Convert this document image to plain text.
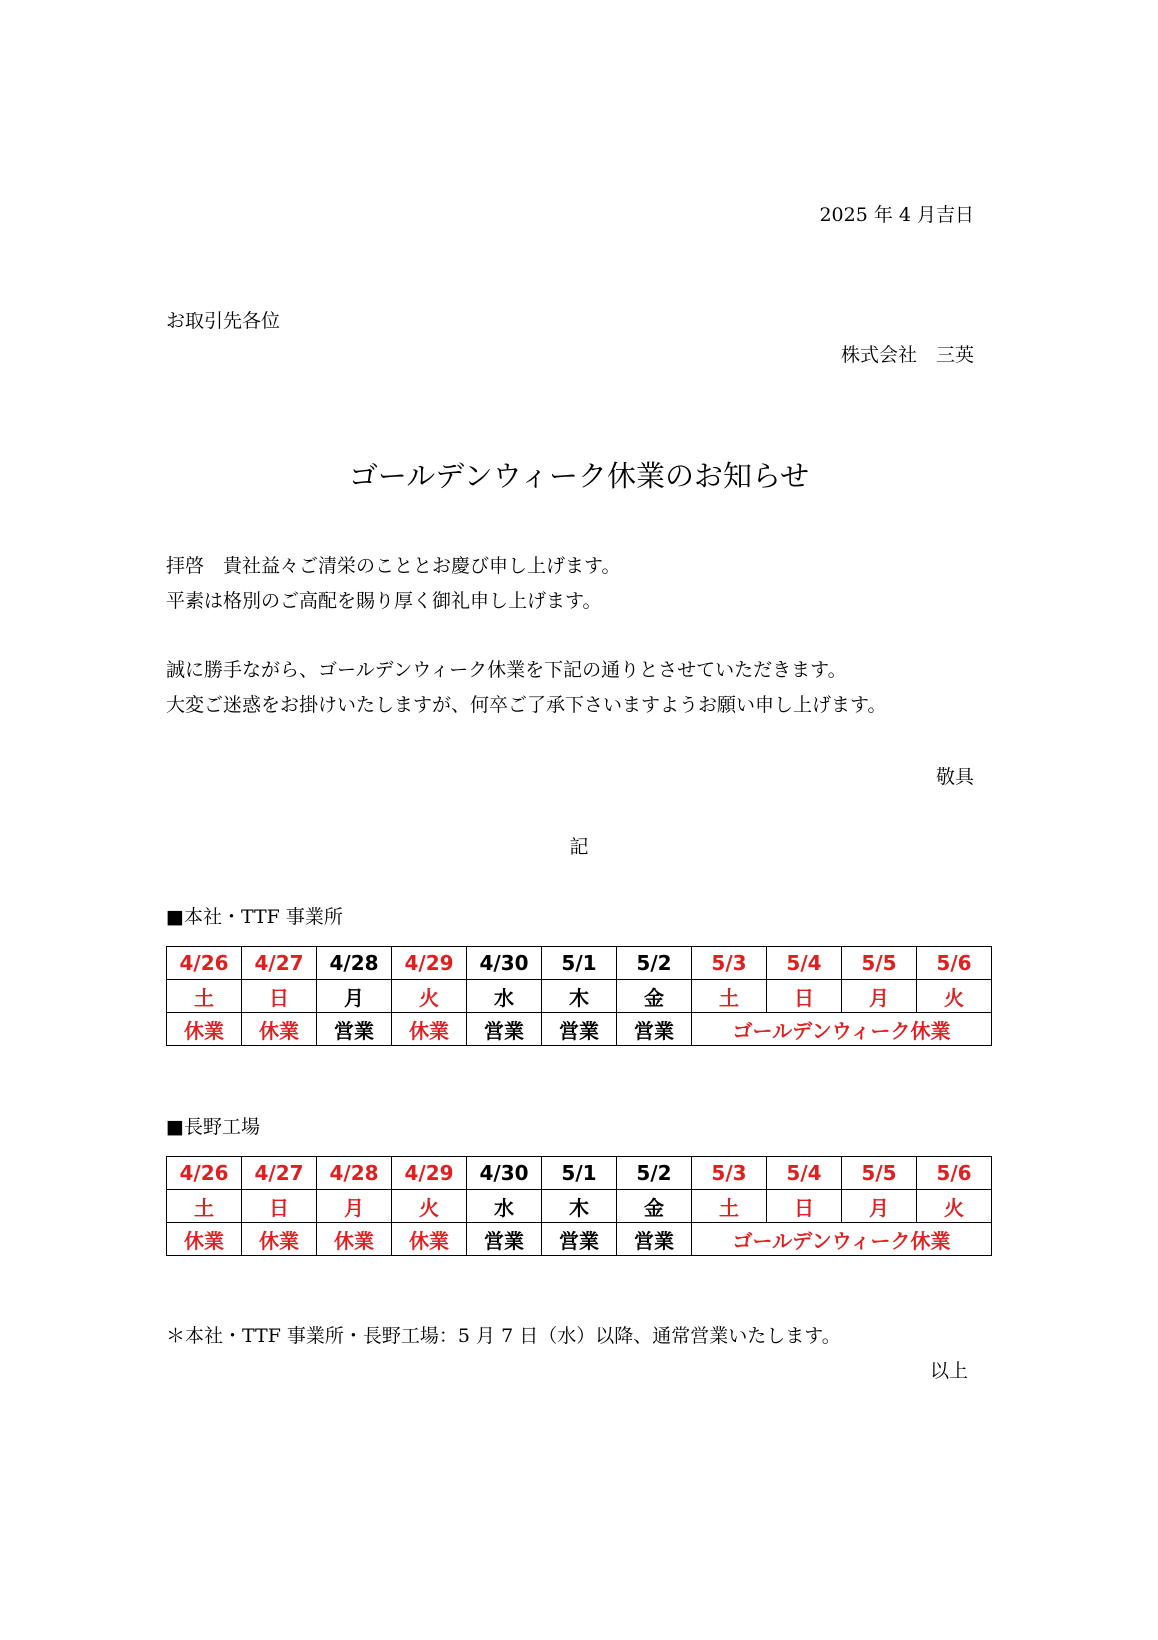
2025 年 4 月吉日
お取引先各位
株式会社　三英
ゴールデンウィーク休業のお知らせ
拝啓　貴社益々ご清栄のこととお慶び申し上げます。
平素は格別のご高配を賜り厚く御礼申し上げます。
誠に勝手ながら、ゴールデンウィーク休業を下記の通りとさせていただきます。
大変ご迷惑をお掛けいたしますが、何卒ご了承下さいますようお願い申し上げます。
敬具
記
■本社・TTF 事業所
4/26	4/27	4/28	4/29	4/30	5/1	5/2	5/3	5/4	5/5	5/6
土	日	月	火	水	木	金	土	日	月	火
休業	休業	営業	休業	営業	営業	営業	ゴールデンウィーク休業			
■長野工場
4/26	4/27	4/28	4/29	4/30	5/1	5/2	5/3	5/4	5/5	5/6
土	日	月	火	水	木	金	土	日	月	火
休業	休業	休業	休業	営業	営業	営業	ゴールデンウィーク休業			
＊本社・TTF 事業所・長野工場：5 月 7 日（水）以降、通常営業いたします。
以上
